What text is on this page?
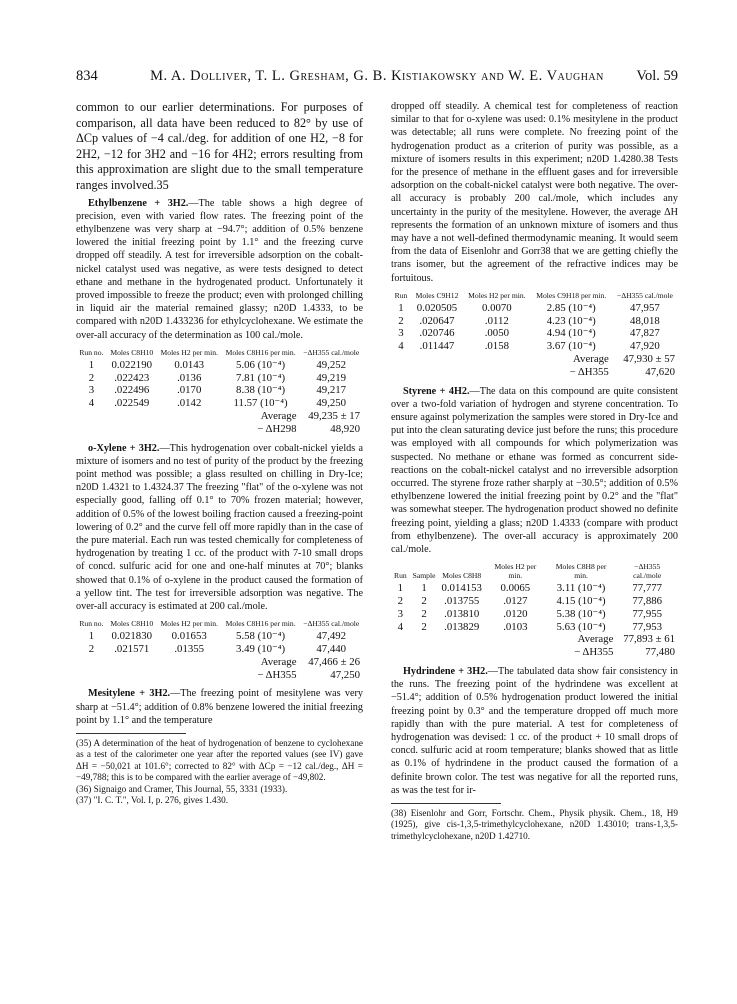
834	M. A. Dolliver, T. L. Gresham, G. B. Kistiakowsky and W. E. Vaughan	Vol. 59

common to our earlier determinations. For purposes of comparison, all data have been reduced to 82° by use of ΔCp values of −4 cal./deg. for addition of one H2, −8 for 2H2, −12 for 3H2 and −16 for 4H2; errors resulting from this approximation are slight due to the small temperature ranges involved.35

Ethylbenzene + 3H2.—The table shows a high degree of precision, even with varied flow rates. The freezing point of the ethylbenzene was very sharp at −94.7°; addition of 0.5% benzene lowered the initial freezing point by 1.1° and the freezing curve dropped off steadily. A test for irreversible adsorption on the cobalt-nickel catalyst used was negative, as were tests designed to detect ethane and methane in the hydrogenated product. Unfortunately it proved impossible to freeze the product; even with prolonged chilling in liquid air the material remained glassy; n20D 1.4333, to be compared with n20D 1.433236 for ethylcyclohexane. We estimate the over-all accuracy of the determination as 100 cal./mole.

Run no.	Moles C8H10	Moles H2 per min.	Moles C8H16 per min.	−ΔH355 cal./mole
1	0.022190	0.0143	5.06 (10⁻⁴)	49,252
2	.022423	.0136	7.81 (10⁻⁴)	49,219
3	.022496	.0170	8.38 (10⁻⁴)	49,217
4	.022549	.0142	11.57 (10⁻⁴)	49,250
Average				49,235 ± 17
− ΔH298				48,920

o-Xylene + 3H2.—This hydrogenation over cobalt-nickel yields a mixture of isomers and no test of purity of the product by the freezing point method was possible; a glass resulted on chilling in Dry-Ice; n20D 1.4321 to 1.4324.37 The freezing "flat" of the o-xylene was not especially good, falling off 0.1° to 70% frozen material; however, addition of 0.5% of the lowest boiling fraction caused a freezing-point lowering of 0.2° and the curve fell off more rapidly than in the case of the pure material. Each run was tested chemically for completeness of hydrogenation by treating 1 cc. of the product with 7-10 small drops of concd. sulfuric acid for one and one-half minutes at 70°; blanks showed that 0.1% of o-xylene in the product caused the formation of a yellow tint. The test for irreversible adsorption was negative. The over-all accuracy is estimated at 200 cal./mole.

Run no.	Moles C8H10	Moles H2 per min.	Moles C8H16 per min.	−ΔH355 cal./mole
1	0.021830	0.01653	5.58 (10⁻⁴)	47,492
2	.021571	.01355	3.49 (10⁻⁴)	47,440
Average				47,466 ± 26
− ΔH355				47,250

Mesitylene + 3H2.—The freezing point of mesitylene was very sharp at −51.4°; addition of 0.8% benzene lowered the initial freezing point by 1.1° and the temperature

(35) A determination of the heat of hydrogenation of benzene to cyclohexane as a test of the calorimeter one year after the reported values (see IV) gave ΔH = −50,021 at 101.6°; corrected to 82° with ΔCp = −12 cal./deg., ΔH = −49,788; this is to be compared with the earlier average of −49,802.

(36) Signaigo and Cramer, This Journal, 55, 3331 (1933).

(37) "I. C. T.", Vol. I, p. 276, gives 1.430.

dropped off steadily. A chemical test for completeness of reaction similar to that for o-xylene was used: 0.1% mesitylene in the product was detectable; all runs were complete. No freezing point of the hydrogenation product as a criterion of purity was possible, as a mixture of isomers results in this experiment; n20D 1.4280.38 Tests for the presence of methane in the effluent gases and for irreversible adsorption on the cobalt-nickel catalyst were both negative. The over-all accuracy is probably 200 cal./mole, which includes any uncertainty in the purity of the mesitylene. However, the average ΔH represents the formation of an unknown mixture of isomers and thus may have a not well-defined thermodynamic meaning. It would seem from the data of Eisenlohr and Gorr38 that we are getting chiefly the trans isomer, but the agreement of the refractive indices may be fortuitous.

Run	Moles C9H12	Moles H2 per min.	Moles C9H18 per min.	−ΔH355 cal./mole
1	0.020505	0.0070	2.85 (10⁻⁴)	47,957
2	.020647	.0112	4.23 (10⁻⁴)	48,018
3	.020746	.0050	4.94 (10⁻⁴)	47,827
4	.011447	.0158	3.67 (10⁻⁴)	47,920
Average				47,930 ± 57
− ΔH355				47,620

Styrene + 4H2.—The data on this compound are quite consistent over a two-fold variation of hydrogen and styrene concentration. To ensure against polymerization the samples were stored in Dry-Ice and put into the clean saturating device just before the runs; this procedure was employed with all compounds for which polymerization was suspected. No methane or ethane was formed as concurrent side-reactions on the cobalt-nickel catalyst and no irreversible adsorption occurred. The styrene froze rather sharply at −30.5°; addition of 0.5% ethylbenzene lowered the initial freezing point by 0.2° and the "flat" was somewhat steeper. The hydrogenation product showed no definite freezing point, yielding a glass; n20D 1.4333 (compare with product from ethylbenzene). The over-all accuracy is approximately 200 cal./mole.

Run	Sample	Moles C8H8	Moles H2 per min.	Moles C8H8 per min.	−ΔH355 cal./mole
1	1	0.014153	0.0065	3.11 (10⁻⁴)	77,777
2	2	.013755	.0127	4.15 (10⁻⁴)	77,886
3	2	.013810	.0120	5.38 (10⁻⁴)	77,955
4	2	.013829	.0103	5.63 (10⁻⁴)	77,953
Average					77,893 ± 61
− ΔH355					77,480

Hydrindene + 3H2.—The tabulated data show fair consistency in the runs. The freezing point of the hydrindene was excellent at −51.4°; addition of 0.5% hydrogenation product lowered the initial freezing point by 0.3° and the temperature dropped off much more rapidly than with the pure material. A test for completeness of hydrogenation was devised: 1 cc. of the product + 10 small drops of concd. sulfuric acid at room temperature; blanks showed that as little as 0.1% of hydrindene in the product caused the formation of a definite brown color. The test was negative for all the reported runs, as was the test for ir-

(38) Eisenlohr and Gorr, Fortschr. Chem., Physik physik. Chem., 18, H9 (1925), give cis-1,3,5-trimethylcyclohexane, n20D 1.43010; trans-1,3,5-trimethylcyclohexane, n20D 1.42710.
